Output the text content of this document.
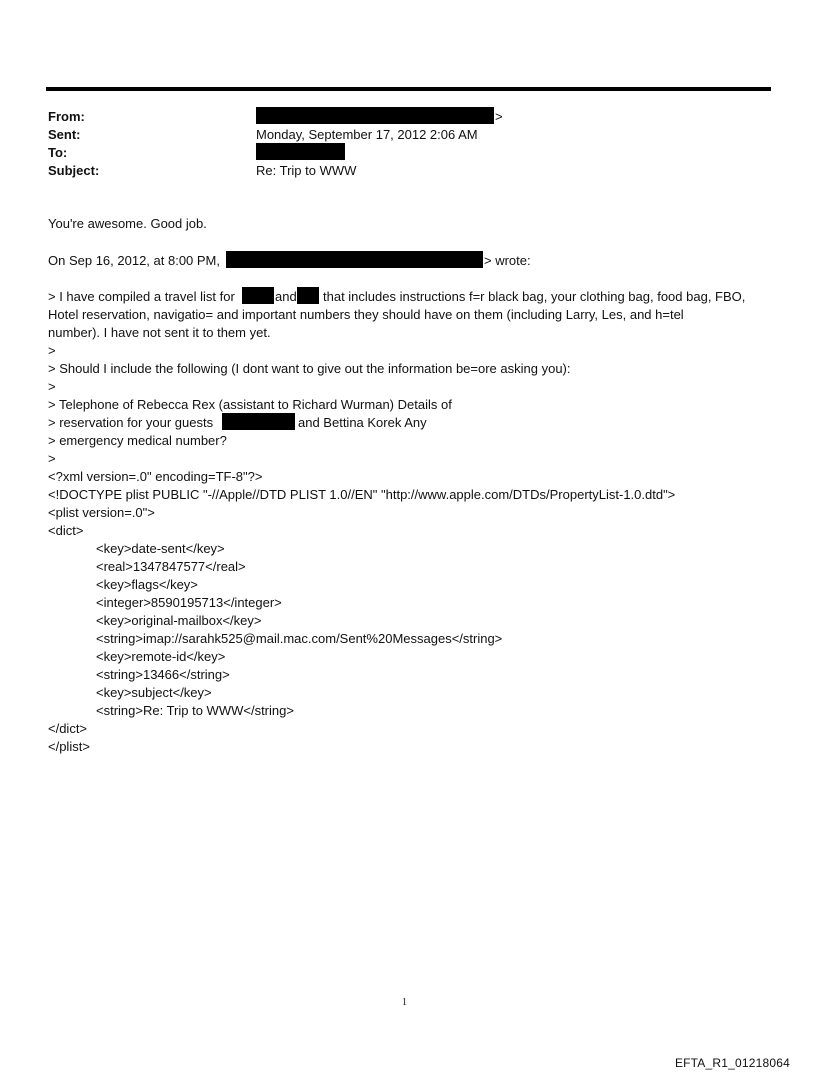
From:	>
Sent:	Monday, September 17, 2012 2:06 AM
To:
Subject:	Re: Trip to WWW
You're awesome. Good job.
On Sep 16, 2012, at 8:00 PM,	> wrote:
> I have compiled a travel list for	and that includes instructions f=r black bag, your clothing bag, food bag, FBO,
Hotel reservation, navigatio= and important numbers they should have on them (including Larry, Les, and h=tel
number). I have not sent it to them yet.
>
> Should I include the following (I dont want to give out the information be=ore asking you):
>
> Telephone of Rebecca Rex (assistant to Richard Wurman) Details of
> reservation for your guests	and Bettina Korek Any
> emergency medical number?
>
<?xml version=.0" encoding=TF-8"?>
<!DOCTYPE plist PUBLIC "-//Apple//DTD PLIST 1.0//EN" "http://www.apple.com/DTDs/PropertyList-1.0.dtd">
<plist version=.0">
<dict>
<key>date-sent</key>
<real>1347847577</real>
<key>flags</key>
<integer>8590195713</integer>
<key>original-mailbox</key>
<string>imap://sarahk525@mail.mac.com/Sent%20Messages</string>
<key>remote-id</key>
<string>13466</string>
<key>subject</key>
<string>Re: Trip to WWW</string>
</dict>
</plist>
1
EFTA_R1_01218064
